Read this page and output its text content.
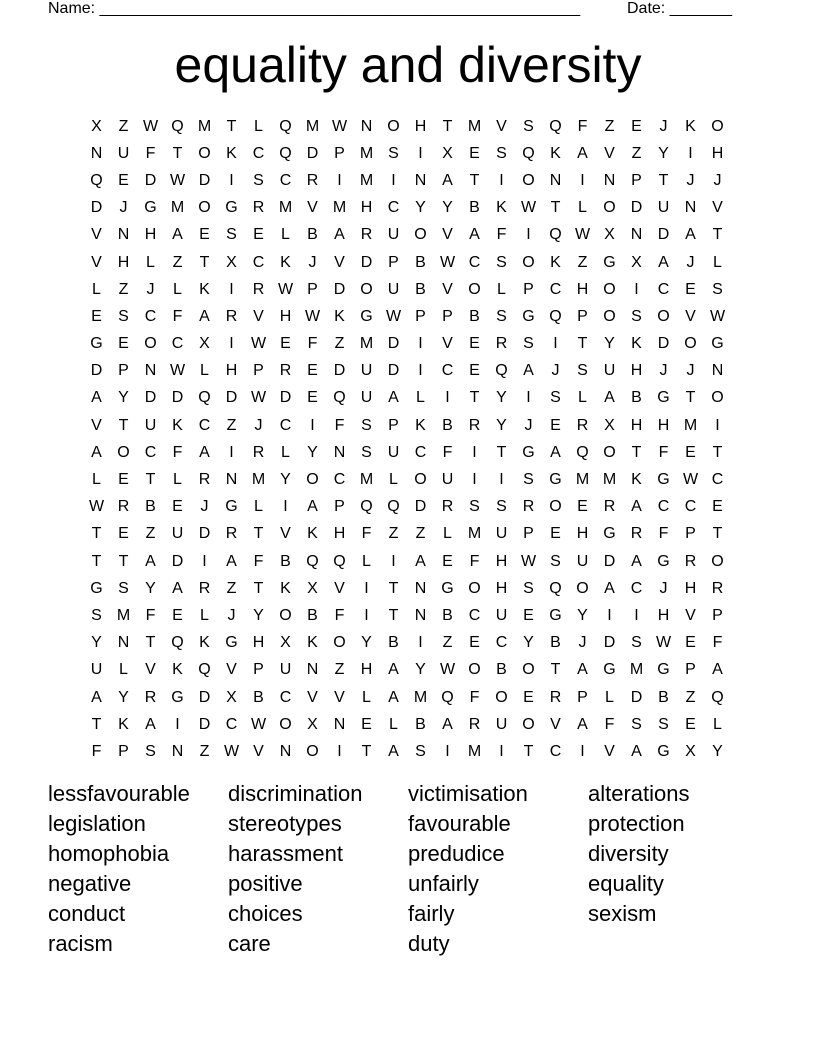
Name: ______________________________________________________	Date: _______
equality and diversity
X	Z W Q M T	L	Q M W N O H	T M V	S Q F	Z	E	J	K O
N U	F	T O K C Q D P M S	I	X	E	S Q K	A	V	Z	Y	I	H
Q E D W D	I	S C R	I	M	I	N A	T	I	O N	I	N P	T	J	J
D	J	G M O G R M V M H C Y	Y	B	K W T	L	O D U N V
V N H A	E	S	E	L	B	A R U O V	A	F	I	Q W X N D A	T
V H	L	Z	T	X C K	J	V D P	B W C S O K	Z G X	A	J	L
L	Z	J	L	K	I	R W P D O U B	V O	L	P C H O	I	C E	S
E	S C	F	A R V H W K G W P	P	B	S G Q P O S O V W
G E O C X	I	W E	F	Z M D	I	V	E R S	I	T	Y	K D O G
D P N W L	H P R E D U D	I	C E Q A	J	S U H	J	J	N
A	Y D D Q D W D E Q U A	L	I	T	Y	I	S	L	A	B G T O
V	T	U K C	Z	J	C	I	F	S	P	K	B R Y	J	E R X H H M	I
A O C	F	A	I	R	L	Y N S U C	F	I	T G A Q O T	F	E	T
L	E	T	L	R N M Y O C M L	O U	I	I	S G M M K G W C
W R B	E	J	G	L	I	A	P Q Q D R S	S R O E R A C C E
T	E	Z	U D R	T	V	K H	F	Z	Z	L M U P	E H G R	F	P	T
T	T	A D	I	A	F	B Q Q	L	I	A	E	F	H W S U D A G R O
G S	Y	A R	Z	T	K	X	V	I	T	N G O H S Q O A C	J	H R
S M F	E	L	J	Y O B	F	I	T	N B C U E G Y	I	I	H V	P
Y N	T Q K G H X	K O Y	B	I	Z	E C Y	B	J	D S W E	F
U	L	V	K Q V	P U N	Z	H A	Y W O B O T	A G M G P	A
A	Y R G D X	B C V	V	L	A M Q F O E R P	L	D B	Z Q
T	K	A	I	D C W O X N E	L	B	A R U O V	A	F	S	S	E	L
F	P	S N	Z W V N O	I	T	A	S	I	M	I	T	C	I	V	A G X	Y
lessfavourable	discrimination	victimisation	alterations
legislation	stereotypes	favourable	protection
homophobia	harassment	predudice	diversity
negative	positive	unfairly	equality
conduct	choices	fairly	sexism
racism	care	duty
